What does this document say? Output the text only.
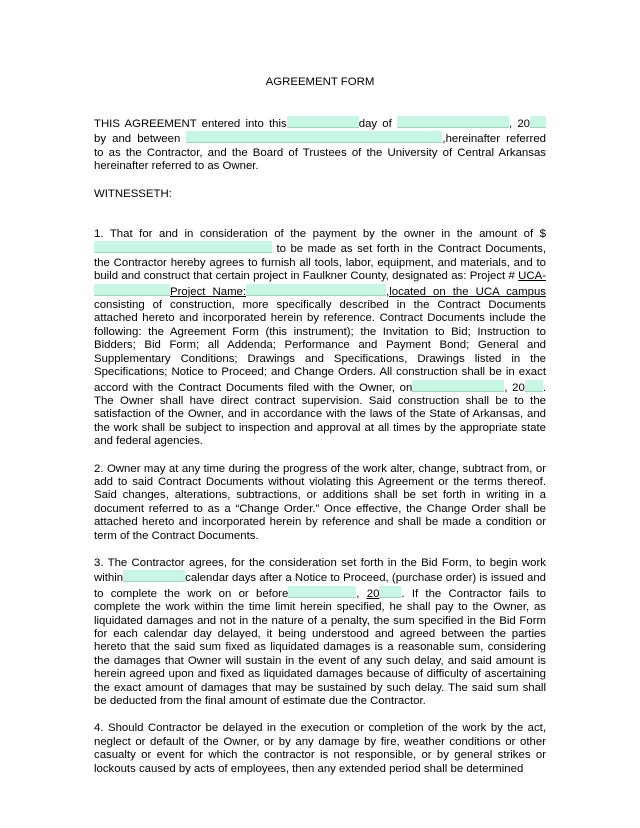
AGREEMENT FORM

THIS AGREEMENT entered into this	day of	, 20 by and between	,hereinafter referred to as the Contractor, and the Board of Trustees of the University of Central Arkansas hereinafter referred to as Owner.

WITNESSETH:

1. That for and in consideration of the payment by the owner in the amount of $ to be made as set forth in the Contract Documents, the Contractor hereby agrees to furnish all tools, labor, equipment, and materials, and to build and construct that certain project in Faulkner County, designated as: Project # UCA-Project Name:	,located on the UCA campus consisting of construction, more specifically described in the Contract Documents attached hereto and incorporated herein by reference. Contract Documents include the following: the Agreement Form (this instrument); the Invitation to Bid; Instruction to Bidders; Bid Form; all Addenda; Performance and Payment Bond; General and Supplementary Conditions; Drawings and Specifications, Drawings listed in the Specifications; Notice to Proceed; and Change Orders. All construction shall be in exact accord with the Contract Documents filed with the Owner, on	, 20 . The Owner shall have direct contract supervision. Said construction shall be to the satisfaction of the Owner, and in accordance with the laws of the State of Arkansas, and the work shall be subject to inspection and approval at all times by the appropriate state and federal agencies.

2. Owner may at any time during the progress of the work alter, change, subtract from, or add to said Contract Documents without violating this Agreement or the terms thereof. Said changes, alterations, subtractions, or additions shall be set forth in writing in a document referred to as a “Change Order.” Once effective, the Change Order shall be attached hereto and incorporated herein by reference and shall be made a condition or term of the Contract Documents.

3. The Contractor agrees, for the consideration set forth in the Bid Form, to begin work within	calendar days after a Notice to Proceed, (purchase order) is issued and to complete the work on or before	, 20 . If the Contractor fails to complete the work within the time limit herein specified, he shall pay to the Owner, as liquidated damages and not in the nature of a penalty, the sum specified in the Bid Form for each calendar day delayed, it being understood and agreed between the parties hereto that the said sum fixed as liquidated damages is a reasonable sum, considering the damages that Owner will sustain in the event of any such delay, and said amount is herein agreed upon and fixed as liquidated damages because of difficulty of ascertaining the exact amount of damages that may be sustained by such delay. The said sum shall be deducted from the final amount of estimate due the Contractor.

4. Should Contractor be delayed in the execution or completion of the work by the act, neglect or default of the Owner, or by any damage by fire, weather conditions or other casualty or event for which the contractor is not responsible, or by general strikes or lockouts caused by acts of employees, then any extended period shall be determined
